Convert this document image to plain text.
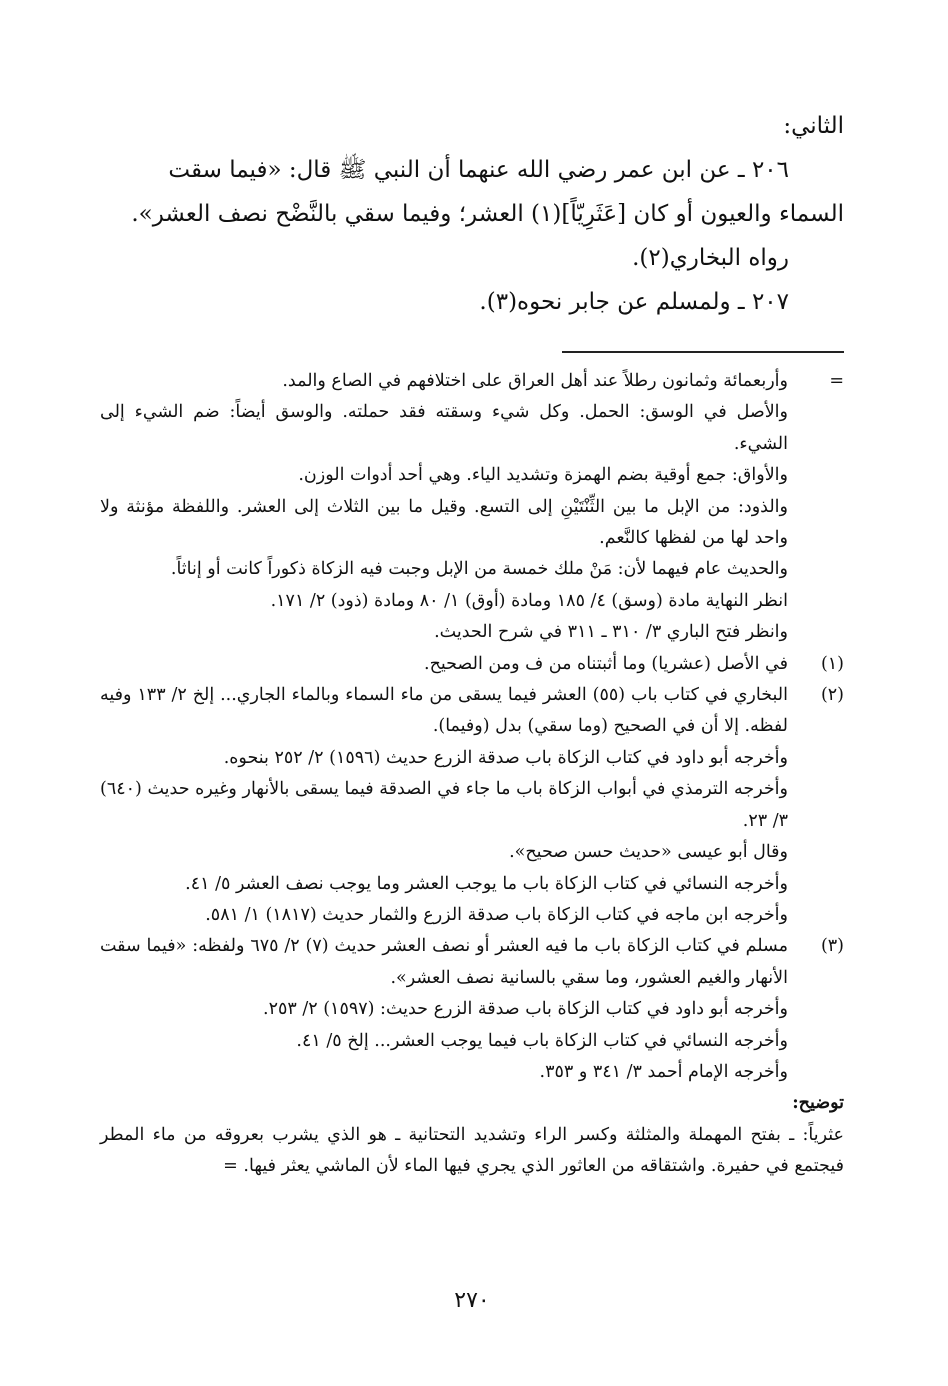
الثاني:

٢٠٦ ـ عن ابن عمر رضي الله عنهما أن النبي ﷺ قال: «فيما سقت

السماء والعيون أو كان [عَثَرِيّاً](١) العشر؛ وفيما سقي بالنَّضْح نصف العشر».

رواه البخاري(٢).

٢٠٧ ـ ولمسلم عن جابر نحوه(٣).

=

وأربعمائة وثمانون رطلاً عند أهل العراق على اختلافهم في الصاع والمد.

والأصل في الوسق: الحمل. وكل شيء وسقته فقد حملته. والوسق أيضاً: ضم الشيء إلى الشيء.

والأواق: جمع أوقية بضم الهمزة وتشديد الياء. وهي أحد أدوات الوزن.

والذود: من الإبل ما بين الثِّنْتَيْنِ إلى التسع. وقيل ما بين الثلاث إلى العشر. واللفظة مؤنثة ولا واحد لها من لفظها كالنَّعم.

والحديث عام فيهما لأن: مَنْ ملك خمسة من الإبل وجبت فيه الزكاة ذكوراً كانت أو إناثاً.

انظر النهاية مادة (وسق) ٤/ ١٨٥ ومادة (أوق) ١/ ٨٠ ومادة (ذود) ٢/ ١٧١.

وانظر فتح الباري ٣/ ٣١٠ ـ ٣١١ في شرح الحديث.

(١)

في الأصل (عشريا) وما أثبتناه من ف ومن الصحيح.

(٢)

البخاري في كتاب باب (٥٥) العشر فيما يسقى من ماء السماء وبالماء الجاري... إلخ ٢/ ١٣٣ وفيه لفظه. إلا أن في الصحيح (وما سقي) بدل (وفيما).

وأخرجه أبو داود في كتاب الزكاة باب صدقة الزرع حديث (١٥٩٦) ٢/ ٢٥٢ بنحوه.

وأخرجه الترمذي في أبواب الزكاة باب ما جاء في الصدقة فيما يسقى بالأنهار وغيره حديث (٦٤٠) ٣/ ٢٣.

وقال أبو عيسى «حديث حسن صحيح».

وأخرجه النسائي في كتاب الزكاة باب ما يوجب العشر وما يوجب نصف العشر ٥/ ٤١.

وأخرجه ابن ماجه في كتاب الزكاة باب صدقة الزرع والثمار حديث (١٨١٧) ١/ ٥٨١.

(٣)

مسلم في كتاب الزكاة باب ما فيه العشر أو نصف العشر حديث (٧) ٢/ ٦٧٥ ولفظه: «فيما سقت الأنهار والغيم العشور، وما سقي بالسانية نصف العشر».

وأخرجه أبو داود في كتاب الزكاة باب صدقة الزرع حديث: (١٥٩٧) ٢/ ٢٥٣.

وأخرجه النسائي في كتاب الزكاة باب فيما يوجب العشر... إلخ ٥/ ٤١.

وأخرجه الإمام أحمد ٣/ ٣٤١ و ٣٥٣.

توضيح:

عثرياً: ـ بفتح المهملة والمثلثة وكسر الراء وتشديد التحتانية ـ هو الذي يشرب بعروقه من ماء المطر فيجتمع في حفيرة. واشتقاقه من العاثور الذي يجري فيها الماء لأن الماشي يعثر فيها. =

٢٧٠
